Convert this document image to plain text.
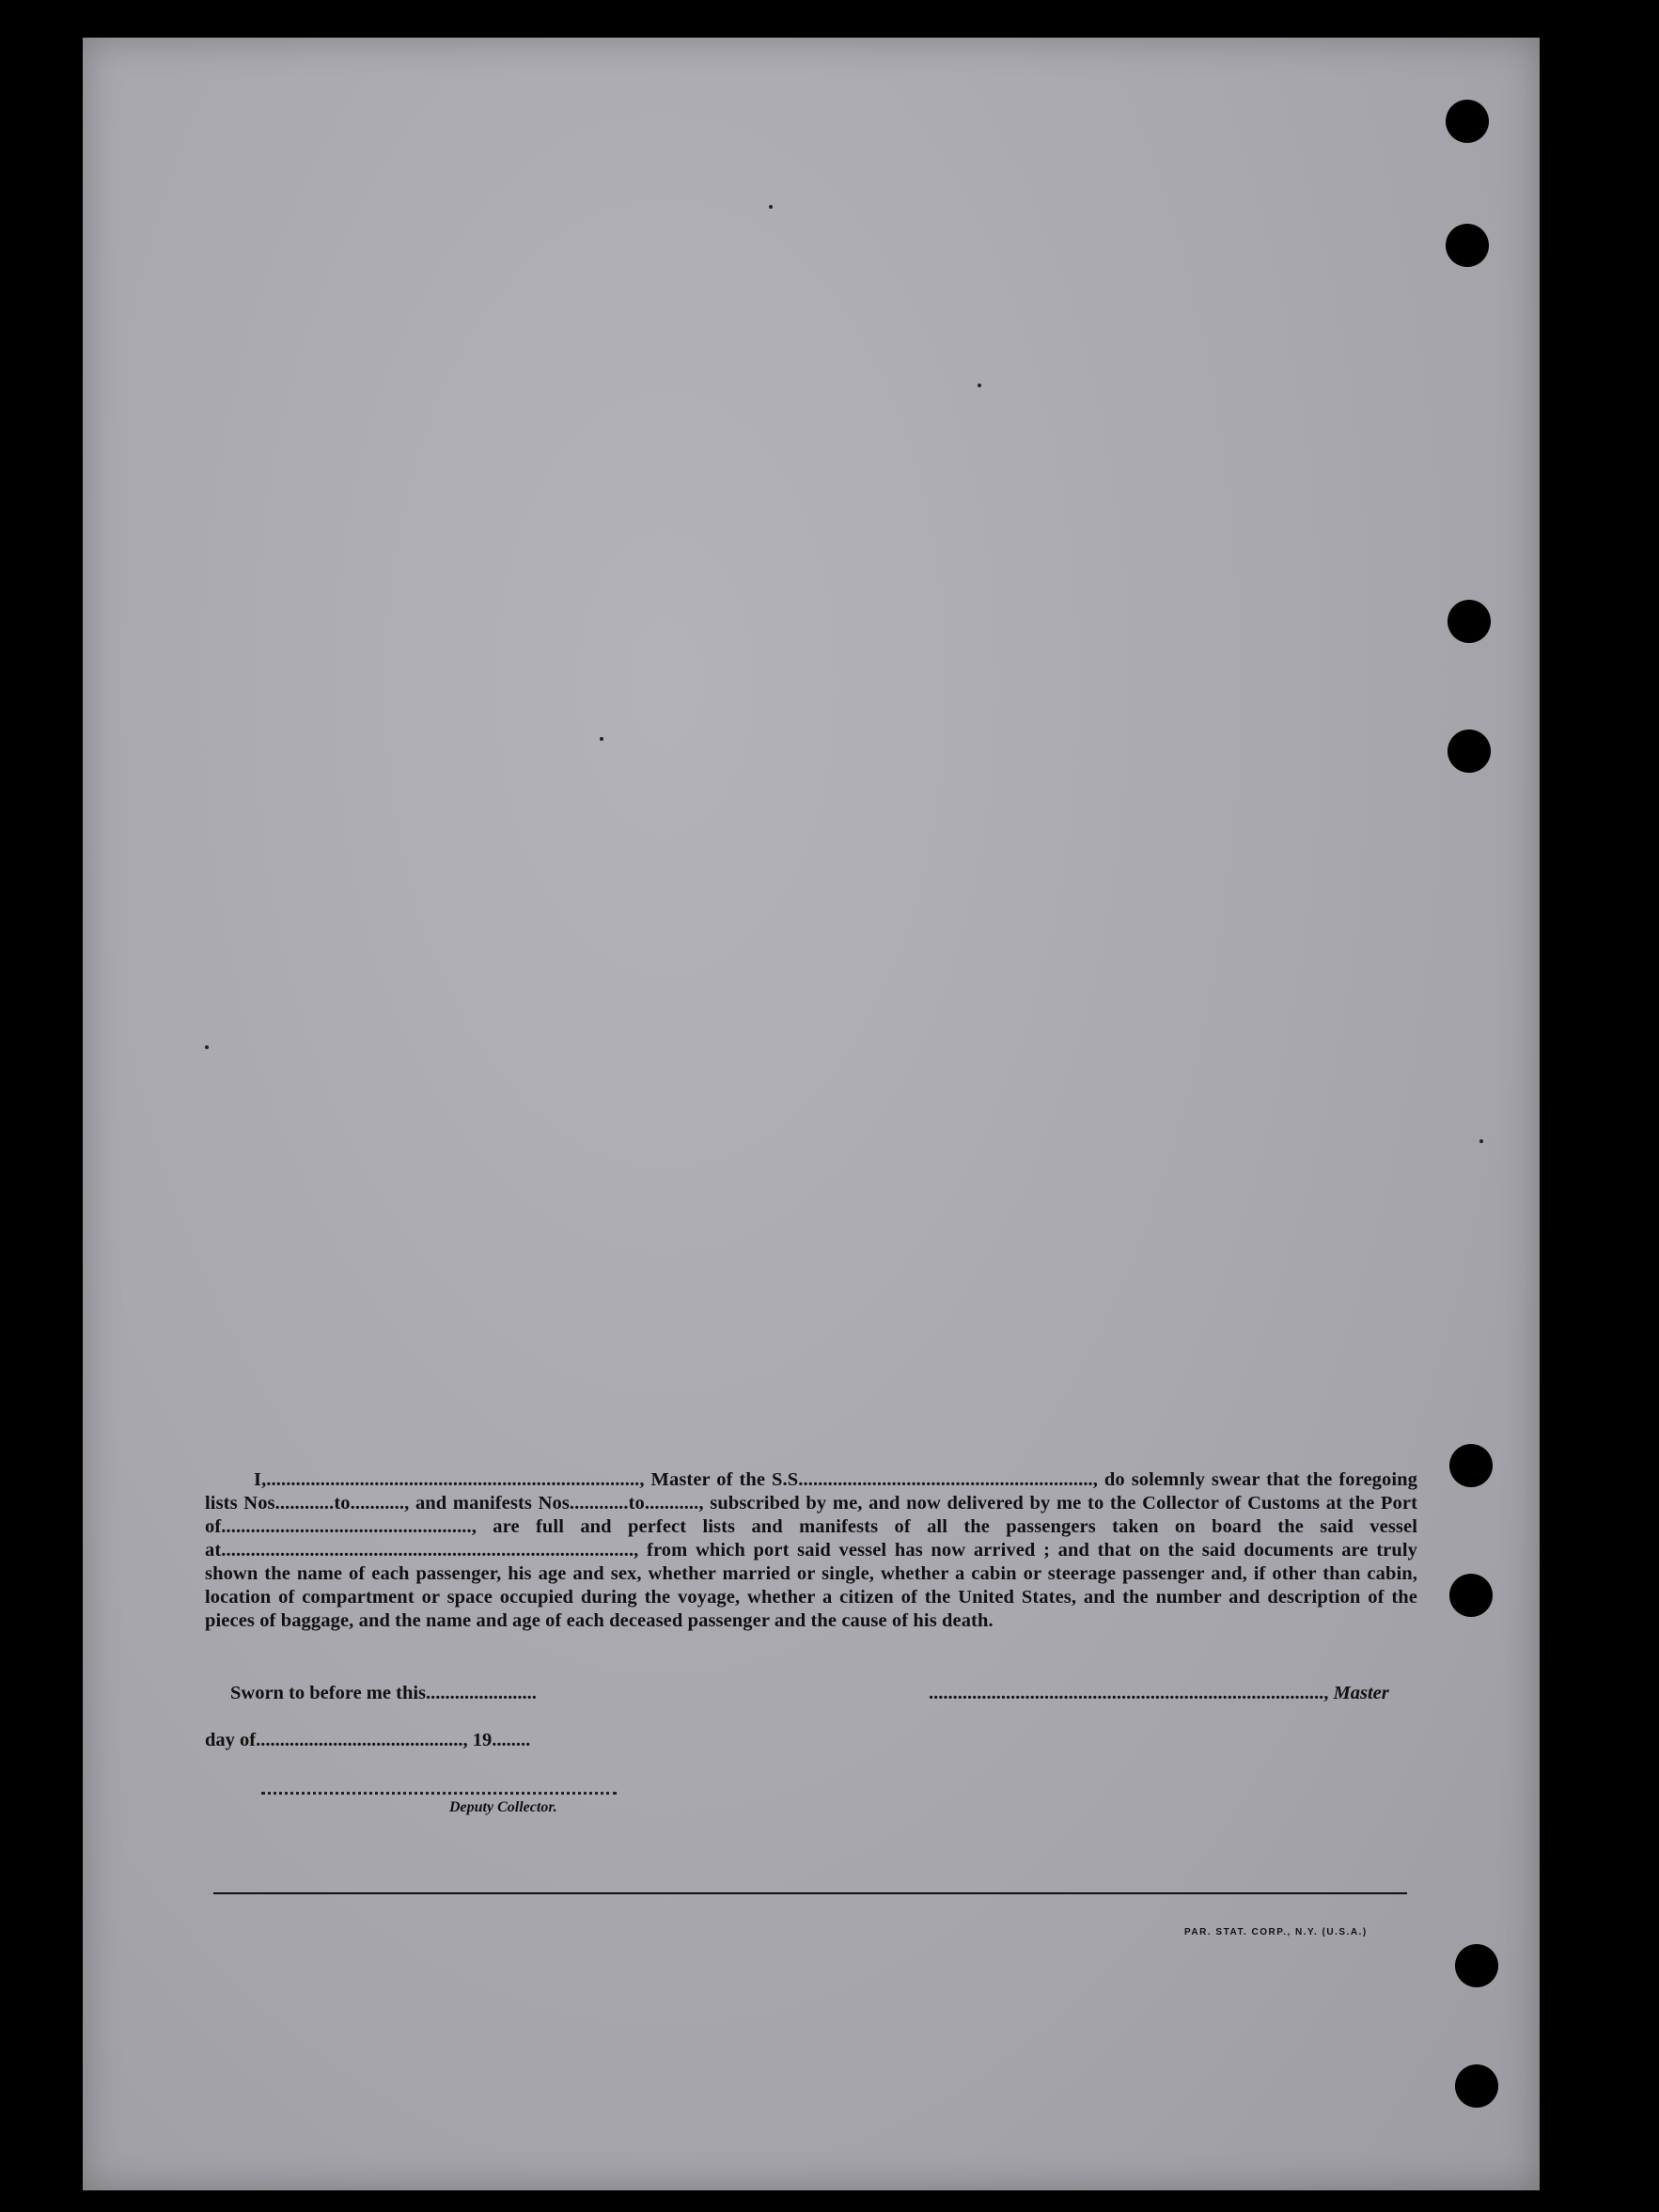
I,............................................................................, Master of the S.S............................................................, do solemnly swear that the foregoing lists Nos............to..........., and manifests Nos............to..........., subscribed by me, and now delivered by me to the Collector of Customs at the Port of..................................................., are full and perfect lists and manifests of all the passengers taken on board the said vessel at...................................................................................., from which port said vessel has now arrived ; and that on the said documents are truly shown the name of each passenger, his age and sex, whether married or single, whether a cabin or steerage passenger and, if other than cabin, location of compartment or space occupied during the voyage, whether a citizen of the United States, and the number and description of the pieces of baggage, and the name and age of each deceased passenger and the cause of his death.

Sworn to before me this.......................	.................................................................................., Master
day of..........................................., 19........
Deputy Collector.
PAR. STAT. CORP., N.Y. (U.S.A.)
